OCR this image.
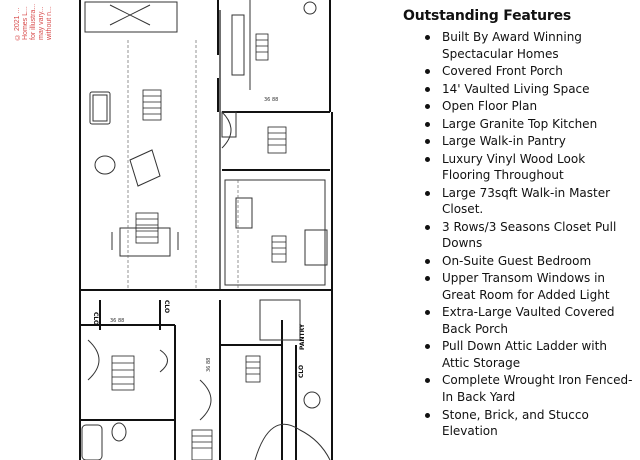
© 2021 ... Homes L... for illustra... may vary... without n...
36 88
36 88
36 88
CLO
CLO
CLO
PANTRY
Outstanding Features
Built By Award Winning Spectacular Homes
Covered Front Porch
14' Vaulted Living Space
Open Floor Plan
Large Granite Top Kitchen
Large Walk-in Pantry
Luxury Vinyl Wood Look Flooring Throughout
Large 73sqft Walk-in Master Closet.
3 Rows/3 Seasons Closet Pull Downs
On-Suite Guest Bedroom
Upper Transom Windows in Great Room for Added Light
Extra-Large Vaulted Covered Back Porch
Pull Down Attic Ladder with Attic Storage
Complete Wrought Iron Fenced-In Back Yard
Stone, Brick, and Stucco Elevation
